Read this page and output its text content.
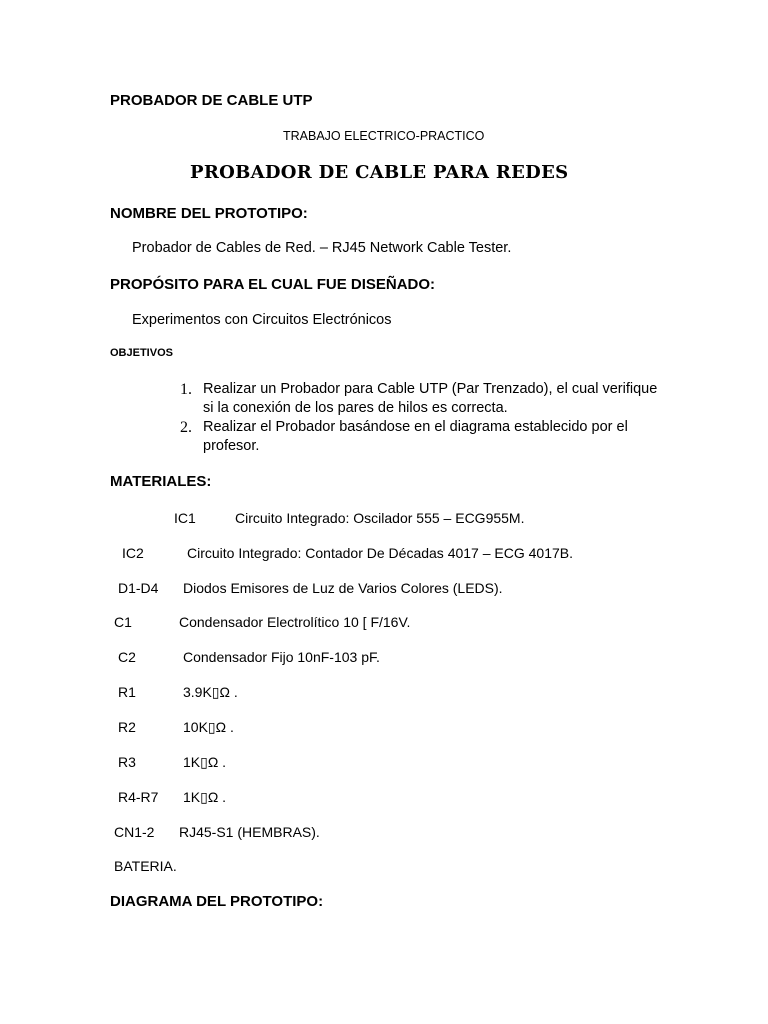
PROBADOR DE CABLE UTP
TRABAJO ELECTRICO-PRACTICO
PROBADOR DE CABLE PARA REDES
NOMBRE DEL PROTOTIPO:
Probador de Cables de Red. – RJ45 Network Cable Tester.
PROPÓSITO PARA EL CUAL FUE DISEÑADO:
Experimentos con Circuitos Electrónicos
OBJETIVOS
1. Realizar un Probador para Cable UTP (Par Trenzado), el cual verifique si la conexión de los pares de hilos es correcta.
2. Realizar el Probador basándose en el diagrama establecido por el profesor.
MATERIALES:
IC1	Circuito Integrado: Oscilador 555 – ECG955M.
IC2	Circuito Integrado: Contador De Décadas 4017 – ECG 4017B.
D1-D4 Diodos Emisores de Luz de Varios Colores (LEDS).
C1	Condensador Electrolítico 10 [ F/16V.
C2	Condensador Fijo 10nF-103 pF.
R1	3.9K▯Ω .
R2	10K▯Ω .
R3	1K▯Ω .
R4-R7 1K▯Ω .
CN1-2 RJ45-S1 (HEMBRAS).
BATERIA.
DIAGRAMA DEL PROTOTIPO:
